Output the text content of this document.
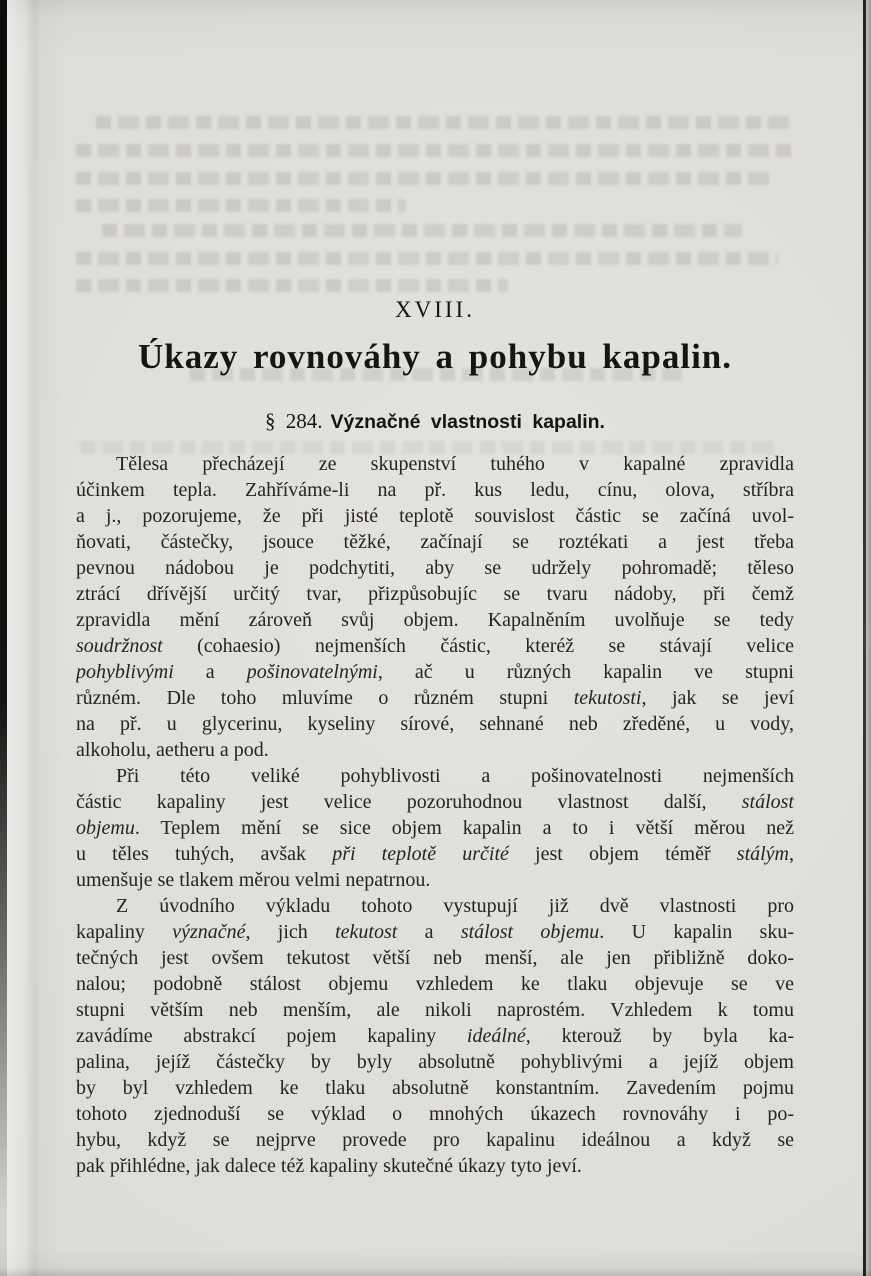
XVIII.
Úkazy rovnováhy a pohybu kapalin.
§ 284. Význačné vlastnosti kapalin.
Tělesa přecházejí ze skupenství tuhého v kapalné zpravidla
účinkem tepla. Zahříváme-li na př. kus ledu, cínu, olova, stříbra
a j., pozorujeme, že při jisté teplotě souvislost částic se začíná uvol-
ňovati, částečky, jsouce těžké, začínají se roztékati a jest třeba
pevnou nádobou je podchytiti, aby se udržely pohromadě; těleso
ztrácí dřívější určitý tvar, přizpůsobujíc se tvaru nádoby, při čemž
zpravidla mění zároveň svůj objem. Kapalněním uvolňuje se tedy
soudržnost (cohaesio) nejmenších částic, kteréž se stávají velice
pohyblivými a pošinovatelnými, ač u různých kapalin ve stupni
různém. Dle toho mluvíme o různém stupni tekutosti, jak se jeví
na př. u glycerinu, kyseliny sírové, sehnané neb zředěné, u vody,
alkoholu, aetheru a pod.
Při této veliké pohyblivosti a pošinovatelnosti nejmenších
částic kapaliny jest velice pozoruhodnou vlastnost další, stálost
objemu. Teplem mění se sice objem kapalin a to i větší měrou než
u těles tuhých, avšak při teplotě určité jest objem téměř stálým,
umenšuje se tlakem měrou velmi nepatrnou.
Z úvodního výkladu tohoto vystupují již dvě vlastnosti pro
kapaliny význačné, jich tekutost a stálost objemu. U kapalin sku-
tečných jest ovšem tekutost větší neb menší, ale jen přibližně doko-
nalou; podobně stálost objemu vzhledem ke tlaku objevuje se ve
stupni větším neb menším, ale nikoli naprostém. Vzhledem k tomu
zavádíme abstrakcí pojem kapaliny ideálné, kterouž by byla ka-
palina, jejíž částečky by byly absolutně pohyblivými a jejíž objem
by byl vzhledem ke tlaku absolutně konstantním. Zavedením pojmu
tohoto zjednoduší se výklad o mnohých úkazech rovnováhy i po-
hybu, když se nejprve provede pro kapalinu ideálnou a když se
pak přihlédne, jak dalece též kapaliny skutečné úkazy tyto jeví.
